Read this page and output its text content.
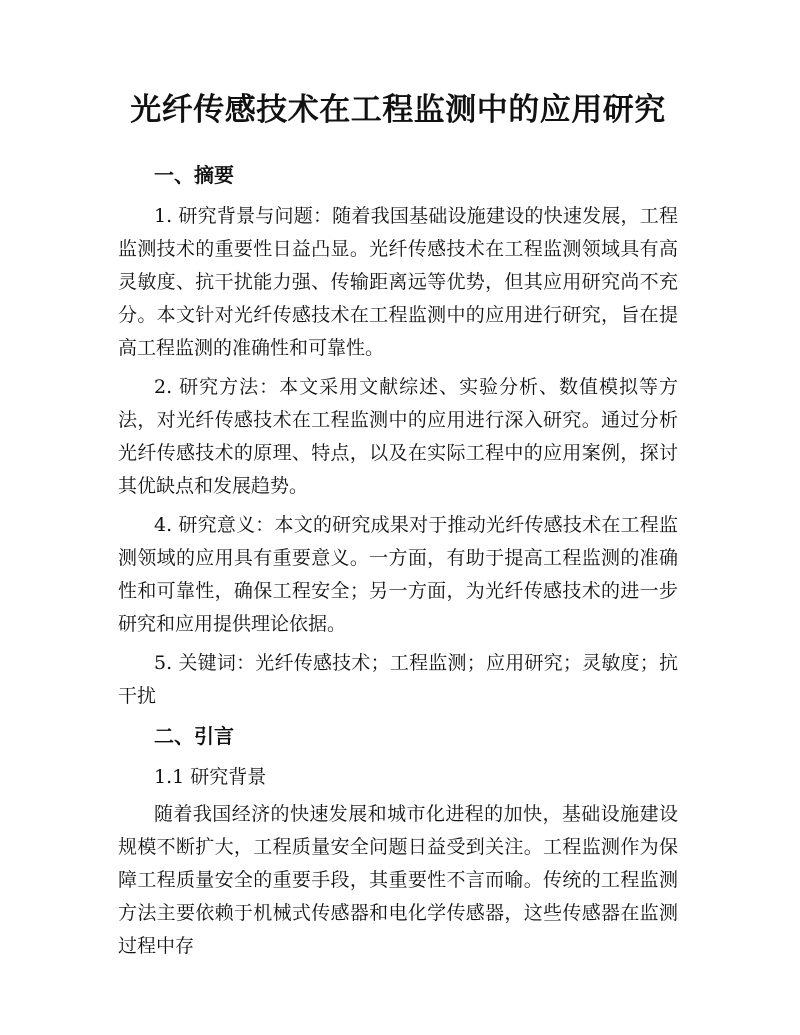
光纤传感技术在工程监测中的应用研究
一、摘要

1. 研究背景与问题：随着我国基础设施建设的快速发展，工程监测技术的重要性日益凸显。光纤传感技术在工程监测领域具有高灵敏度、抗干扰能力强、传输距离远等优势，但其应用研究尚不充分。本文针对光纤传感技术在工程监测中的应用进行研究，旨在提高工程监测的准确性和可靠性。

2. 研究方法：本文采用文献综述、实验分析、数值模拟等方法，对光纤传感技术在工程监测中的应用进行深入研究。通过分析光纤传感技术的原理、特点，以及在实际工程中的应用案例，探讨其优缺点和发展趋势。

4. 研究意义：本文的研究成果对于推动光纤传感技术在工程监测领域的应用具有重要意义。一方面，有助于提高工程监测的准确性和可靠性，确保工程安全；另一方面，为光纤传感技术的进一步研究和应用提供理论依据。

5. 关键词：光纤传感技术；工程监测；应用研究；灵敏度；抗干扰

二、引言
1.1 研究背景

随着我国经济的快速发展和城市化进程的加快，基础设施建设规模不断扩大，工程质量安全问题日益受到关注。工程监测作为保障工程质量安全的重要手段，其重要性不言而喻。传统的工程监测方法主要依赖于机械式传感器和电化学传感器，这些传感器在监测过程中存
